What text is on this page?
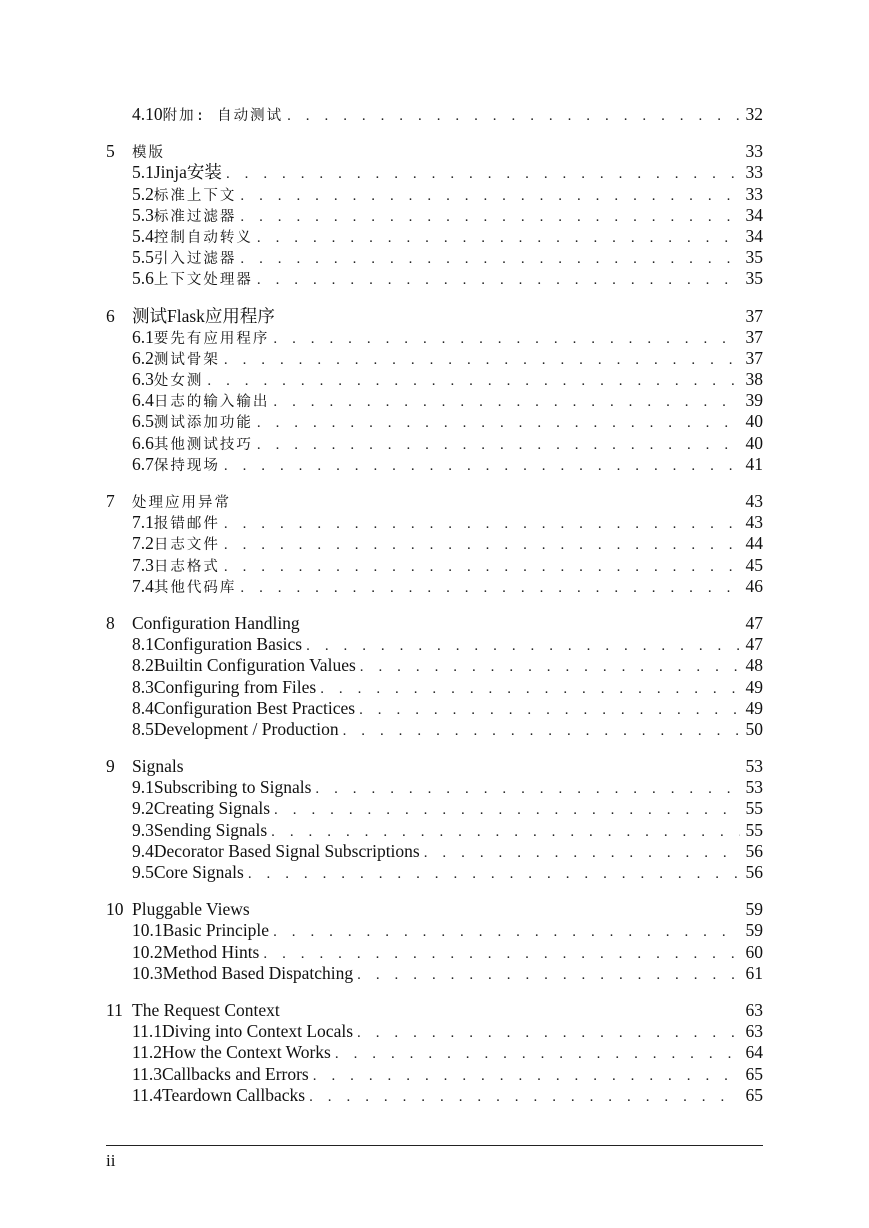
4.10 附加: 自动测试 . . .	32
5	模版	33
5.1 Jinja安装 . . .	33
5.2 标准上下文 . . .	33
5.3 标准过滤器 . . .	34
5.4 控制自动转义 . . .	34
5.5 引入过滤器 . . .	35
5.6 上下文处理器 . . .	35
6 测试Flask应用程序	37
6.1 要先有应用程序 . . .	37
6.2 测试骨架 . . .	37
6.3 处女测 . . .	38
6.4 日志的输入输出 . . .	39
6.5 测试添加功能 . . .	40
6.6 其他测试技巧 . . .	40
6.7 保持现场 . . .	41
7	处理应用异常	43
7.1 报错邮件 . . .	43
7.2 日志文件 . . .	44
7.3 日志格式 . . .	45
7.4 其他代码库 . . .	46
8 Configuration Handling	47
8.1 Configuration Basics . . .	47
8.2 Builtin Configuration Values . . .	48
8.3 Configuring from Files . . .	49
8.4 Configuration Best Practices . . .	49
8.5 Development / Production . . .	50
9 Signals	53
9.1 Subscribing to Signals . . .	53
9.2 Creating Signals . . .	55
9.3 Sending Signals . . .	55
9.4 Decorator Based Signal Subscriptions . . .	56
9.5 Core Signals . . .	56
10 Pluggable Views	59
10.1 Basic Principle . . .	59
10.2 Method Hints . . .	60
10.3 Method Based Dispatching . . .	61
11 The Request Context	63
11.1 Diving into Context Locals . . .	63
11.2 How the Context Works . . .	64
11.3 Callbacks and Errors . . .	65
11.4 Teardown Callbacks . . .	65
ii
